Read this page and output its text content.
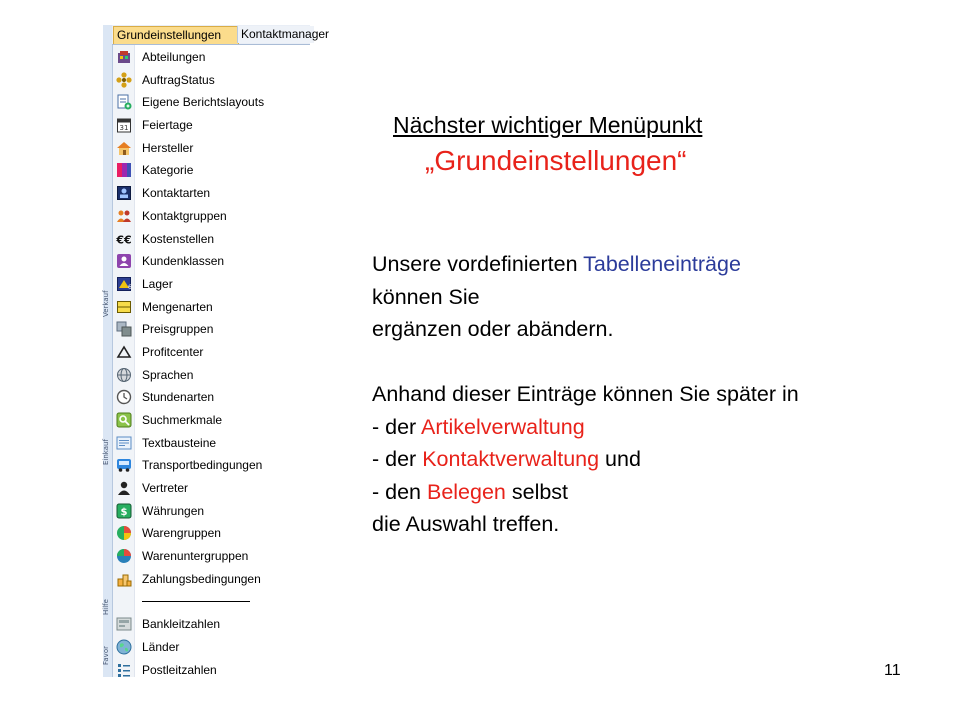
Verkauf
Einkauf
Hilfe
Favor
Grundeinstellungen	Kontaktmanager
Abteilungen
AuftragStatus
Eigene Berichtslayouts
31 Feiertage
Hersteller
Kategorie
Kontaktarten
Kontaktgruppen
€€ Kostenstellen
Kundenklassen
6 Lager
Mengenarten
Preisgruppen
Profitcenter
Sprachen
Stundenarten
Suchmerkmale
Textbausteine
Transportbedingungen
Vertreter
$ Währungen
Warengruppen
Warenuntergruppen
Zahlungsbedingungen
Bankleitzahlen
Länder
Postleitzahlen
Nächster wichtiger Menüpunkt
„Grundeinstellungen“
Unsere vordefinierten Tabelleneinträge
können Sie
ergänzen oder abändern.
Anhand dieser Einträge können Sie später in
- der Artikelverwaltung
- der Kontaktverwaltung und
- den Belegen selbst
die Auswahl treffen.
11
